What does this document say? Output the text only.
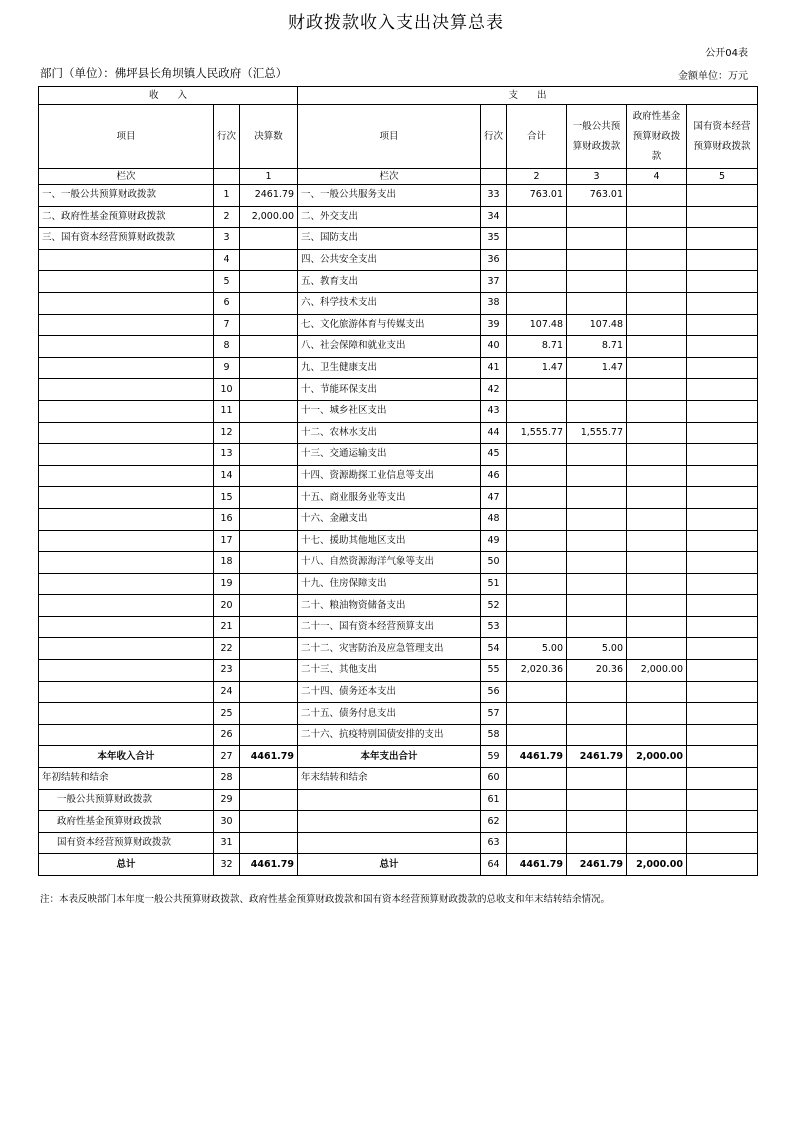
财政拨款收入支出决算总表
公开04表
部门（单位）：佛坪县长角坝镇人民政府（汇总）	金额单位：万元
收　　入			支　　出					
项目	行次	决算数	项目	行次	合计	一般公共预算财政拨款	政府性基金预算财政拨款	国有资本经营预算财政拨款
栏次		1	栏次		2	3	4	5
一、一般公共预算财政拨款	1	2461.79	一、一般公共服务支出	33	763.01	763.01		
二、政府性基金预算财政拨款	2	2,000.00	二、外交支出	34				
三、国有资本经营预算财政拨款	3		三、国防支出	35				
	4		四、公共安全支出	36				
	5		五、教育支出	37				
	6		六、科学技术支出	38				
	7		七、文化旅游体育与传媒支出	39	107.48	107.48		
	8		八、社会保障和就业支出	40	8.71	8.71		
	9		九、卫生健康支出	41	1.47	1.47		
	10		十、节能环保支出	42				
	11		十一、城乡社区支出	43				
	12		十二、农林水支出	44	1,555.77	1,555.77		
	13		十三、交通运输支出	45				
	14		十四、资源勘探工业信息等支出	46				
	15		十五、商业服务业等支出	47				
	16		十六、金融支出	48				
	17		十七、援助其他地区支出	49				
	18		十八、自然资源海洋气象等支出	50				
	19		十九、住房保障支出	51				
	20		二十、粮油物资储备支出	52				
	21		二十一、国有资本经营预算支出	53				
	22		二十二、灾害防治及应急管理支出	54	5.00	5.00		
	23		二十三、其他支出	55	2,020.36	20.36	2,000.00	
	24		二十四、债务还本支出	56				
	25		二十五、债务付息支出	57				
	26		二十六、抗疫特别国债安排的支出	58				
本年收入合计	27	4461.79	本年支出合计	59	4461.79	2461.79	2,000.00	
年初结转和结余	28		年末结转和结余	60				
一般公共预算财政拨款	29			61				
政府性基金预算财政拨款	30			62				
国有资本经营预算财政拨款	31			63				
总计	32	4461.79	总计	64	4461.79	2461.79	2,000.00	
注：本表反映部门本年度一般公共预算财政拨款、政府性基金预算财政拨款和国有资本经营预算财政拨款的总收支和年末结转结余情况。
